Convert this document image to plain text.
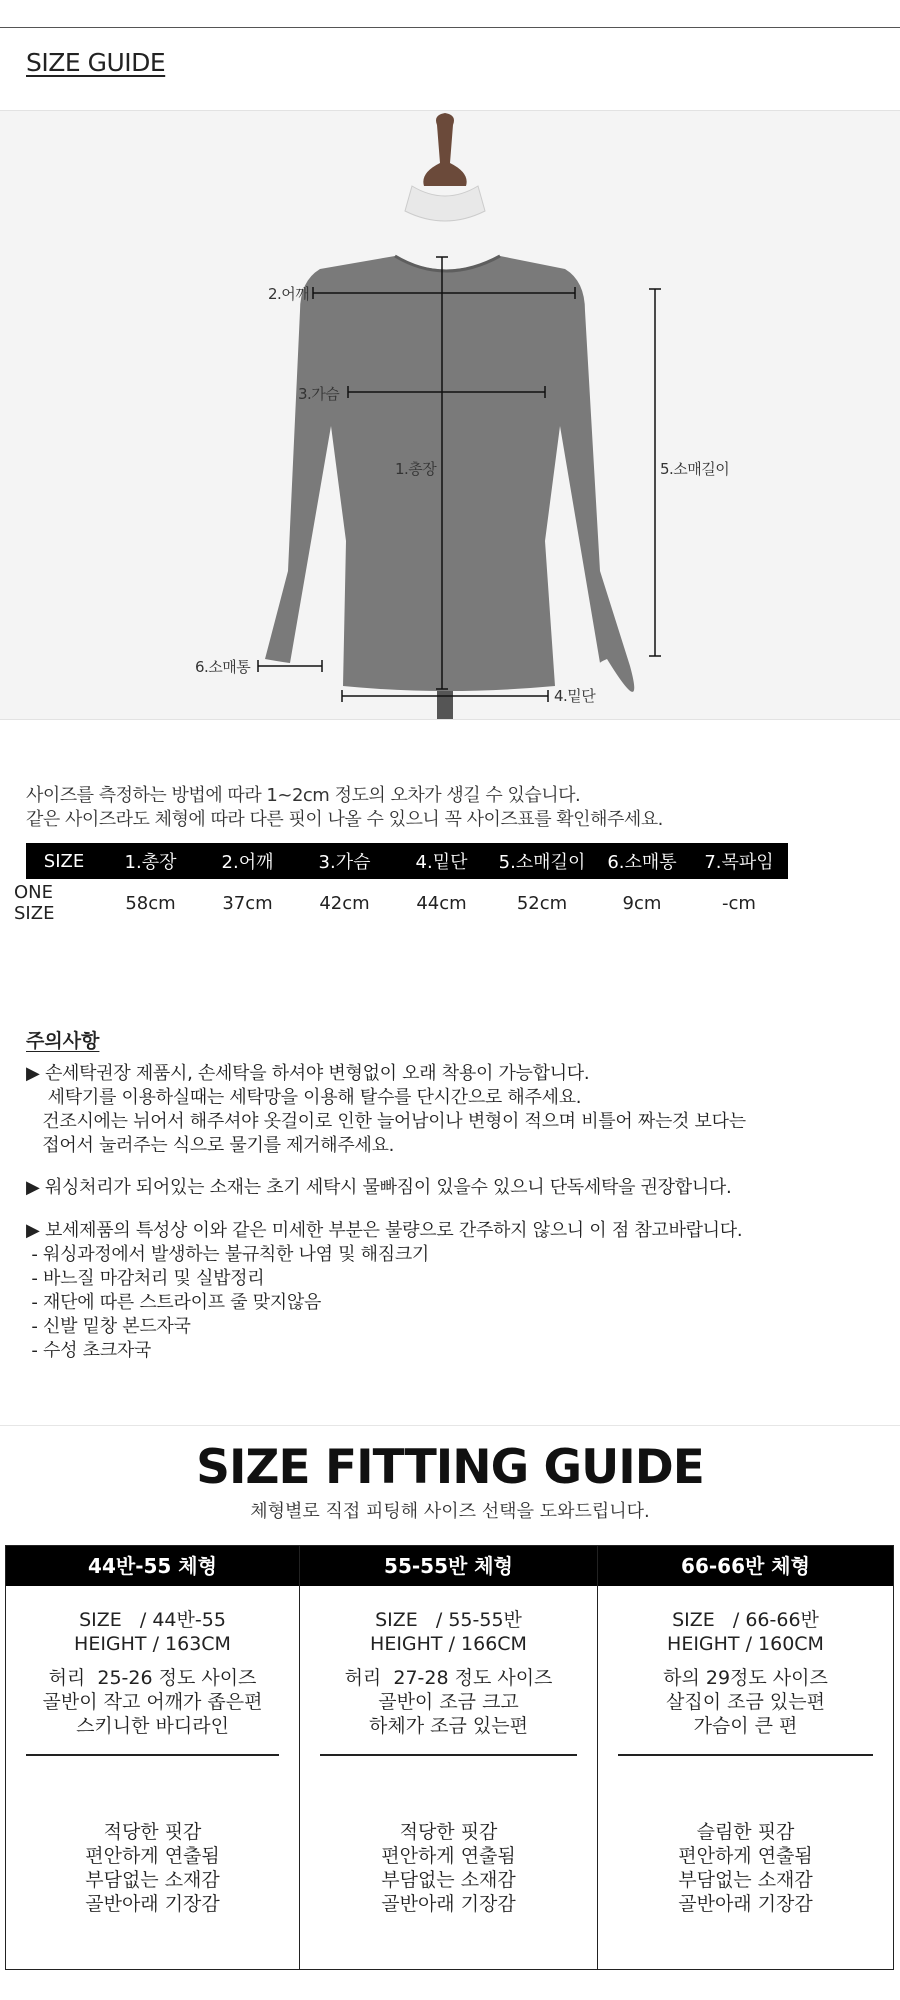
SIZE GUIDE
2.어깨
3.가슴
1.총장	5.소매길이
6.소매통
4.밑단
사이즈를 측정하는 방법에 따라 1~2cm 정도의 오차가 생길 수 있습니다.
같은 사이즈라도 체형에 따라 다른 핏이 나올 수 있으니 꼭 사이즈표를 확인해주세요.
SIZE	1.총장	2.어깨	3.가슴	4.밑단	5.소매길이	6.소매통	7.목파임
ONE SIZE	58cm	37cm	42cm	44cm	52cm	9cm	-cm
주의사항
▶ 손세탁권장 제품시, 손세탁을 하셔야 변형없이 오래 착용이 가능합니다.
세탁기를 이용하실때는 세탁망을 이용해 탈수를 단시간으로 해주세요.
건조시에는 뉘어서 해주셔야 옷걸이로 인한 늘어남이나 변형이 적으며 비틀어 짜는것 보다는
접어서 눌러주는 식으로 물기를 제거해주세요.
▶ 워싱처리가 되어있는 소재는 초기 세탁시 물빠짐이 있을수 있으니 단독세탁을 권장합니다.
▶ 보세제품의 특성상 이와 같은 미세한 부분은 불량으로 간주하지 않으니 이 점 참고바랍니다.
- 워싱과정에서 발생하는 불규칙한 나염 및 해짐크기
- 바느질 마감처리 및 실밥정리
- 재단에 따른 스트라이프 줄 맞지않음
- 신발 밑창 본드자국
- 수성 초크자국
SIZE FITTING GUIDE
체형별로 직접 피팅해 사이즈 선택을 도와드립니다.
44반-55 체형
SIZE   / 44반-55
HEIGHT / 163CM
허리  25-26 정도 사이즈
골반이 작고 어깨가 좁은편
스키니한 바디라인
적당한 핏감
편안하게 연출됨
부담없는 소재감
골반아래 기장감
55-55반 체형
SIZE   / 55-55반
HEIGHT / 166CM
허리  27-28 정도 사이즈
골반이 조금 크고
하체가 조금 있는편
적당한 핏감
편안하게 연출됨
부담없는 소재감
골반아래 기장감
66-66반 체형
SIZE   / 66-66반
HEIGHT / 160CM
하의 29정도 사이즈
살집이 조금 있는편
가슴이 큰 편
슬림한 핏감
편안하게 연출됨
부담없는 소재감
골반아래 기장감
